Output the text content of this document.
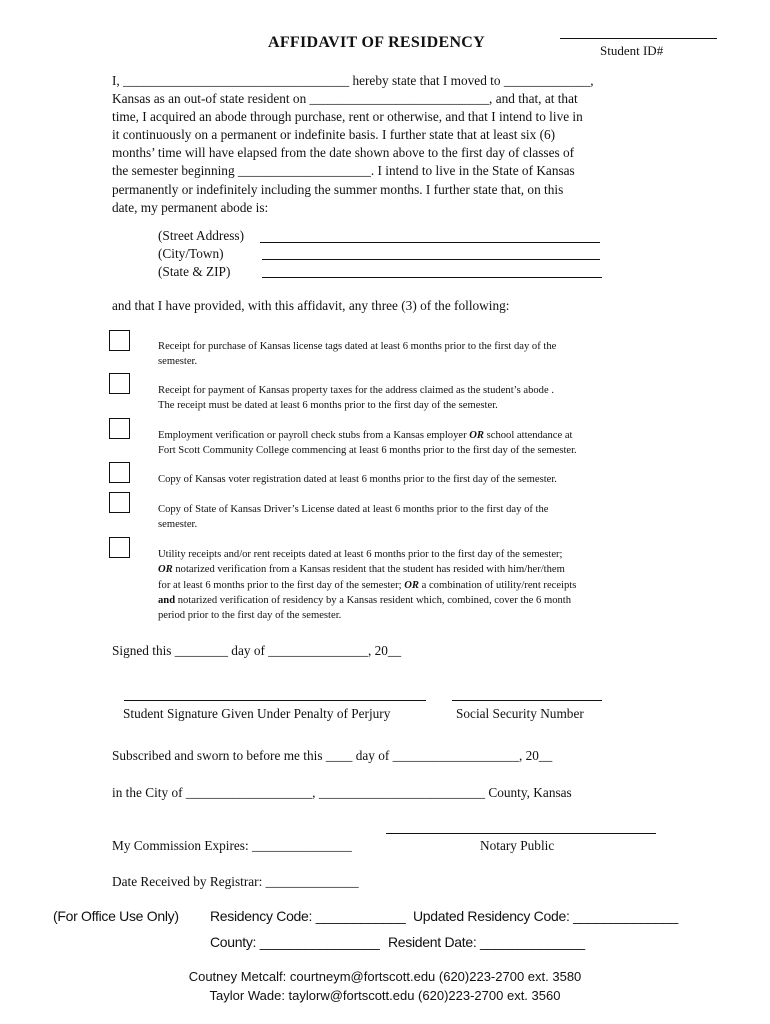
AFFIDAVIT OF RESIDENCY	Student ID#
I, __________________________________ hereby state that I moved to _____________,
Kansas as an out-of state resident on ___________________________, and that, at that
time, I acquired an abode through purchase, rent or otherwise, and that I intend to live in
it continuously on a permanent or indefinite basis. I further state that at least six (6)
months’ time will have elapsed from the date shown above to the first day of classes of
the semester beginning ____________________. I intend to live in the State of Kansas
permanently or indefinitely including the summer months. I further state that, on this
date, my permanent abode is:
(Street Address)
(City/Town)
(State & ZIP)
and that I have provided, with this affidavit, any three (3) of the following:
Receipt for purchase of Kansas license tags dated at least 6 months prior to the first day of the
semester.
Receipt for payment of Kansas property taxes for the address claimed as the student’s abode .
The receipt must be dated at least 6 months prior to the first day of the semester.
Employment verification or payroll check stubs from a Kansas employer OR school attendance at
Fort Scott Community College commencing at least 6 months prior to the first day of the semester.
Copy of Kansas voter registration dated at least 6 months prior to the first day of the semester.
Copy of State of Kansas Driver’s License dated at least 6 months prior to the first day of the
semester.
Utility receipts and/or rent receipts dated at least 6 months prior to the first day of the semester;
OR notarized verification from a Kansas resident that the student has resided with him/her/them
for at least 6 months prior to the first day of the semester; OR a combination of utility/rent receipts
and notarized verification of residency by a Kansas resident which, combined, cover the 6 month
period prior to the first day of the semester.
Signed this ________ day of _______________, 20__
Student Signature Given Under Penalty of Perjury	Social Security Number
Subscribed and sworn to before me this ____ day of ___________________, 20__
in the City of ___________________, _________________________ County, Kansas
My Commission Expires: _______________	Notary Public
Date Received by Registrar: ______________
(For Office Use Only) Residency Code: ____________ Updated Residency Code: ______________
County: ________________ Resident Date: ______________
Coutney Metcalf: courtneym@fortscott.edu (620)223-2700 ext. 3580
Taylor Wade: taylorw@fortscott.edu (620)223-2700 ext. 3560
